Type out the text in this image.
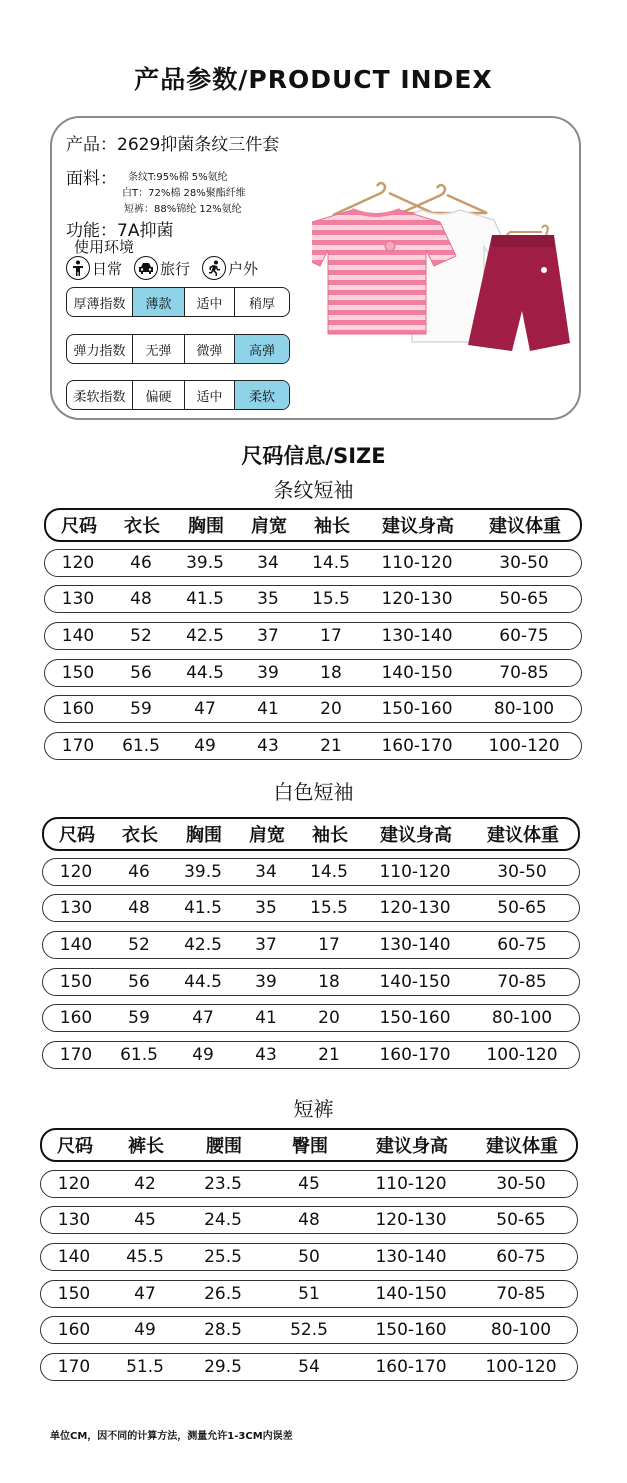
产品参数/PRODUCT INDEX
产品：2629抑菌条纹三件套
面料： 条纹T:95%棉 5%氨纶
白T：72%棉 28%聚酯纤维
短裤：88%锦纶 12%氨纶
功能：7A抑菌
使用环境
日常	旅行	户外
厚薄指数	薄款	适中	稍厚
弹力指数	无弹	微弹	高弹
柔软指数	偏硬	适中	柔软
尺码信息/SIZE
条纹短袖
尺码	衣长	胸围	肩宽	袖长	建议身高	建议体重
120	46	39.5	34	14.5	110-120	30-50
130	48	41.5	35	15.5	120-130	50-65
140	52	42.5	37	17	130-140	60-75
150	56	44.5	39	18	140-150	70-85
160	59	47	41	20	150-160	80-100
170	61.5	49	43	21	160-170	100-120
白色短袖
尺码	衣长	胸围	肩宽	袖长	建议身高	建议体重
120	46	39.5	34	14.5	110-120	30-50
130	48	41.5	35	15.5	120-130	50-65
140	52	42.5	37	17	130-140	60-75
150	56	44.5	39	18	140-150	70-85
160	59	47	41	20	150-160	80-100
170	61.5	49	43	21	160-170	100-120
短裤
尺码	裤长	腰围	臀围	建议身高	建议体重
120	42	23.5	45	110-120	30-50
130	45	24.5	48	120-130	50-65
140	45.5	25.5	50	130-140	60-75
150	47	26.5	51	140-150	70-85
160	49	28.5	52.5	150-160	80-100
170	51.5	29.5	54	160-170	100-120
单位CM，因不同的计算方法，测量允许1-3CM内误差
